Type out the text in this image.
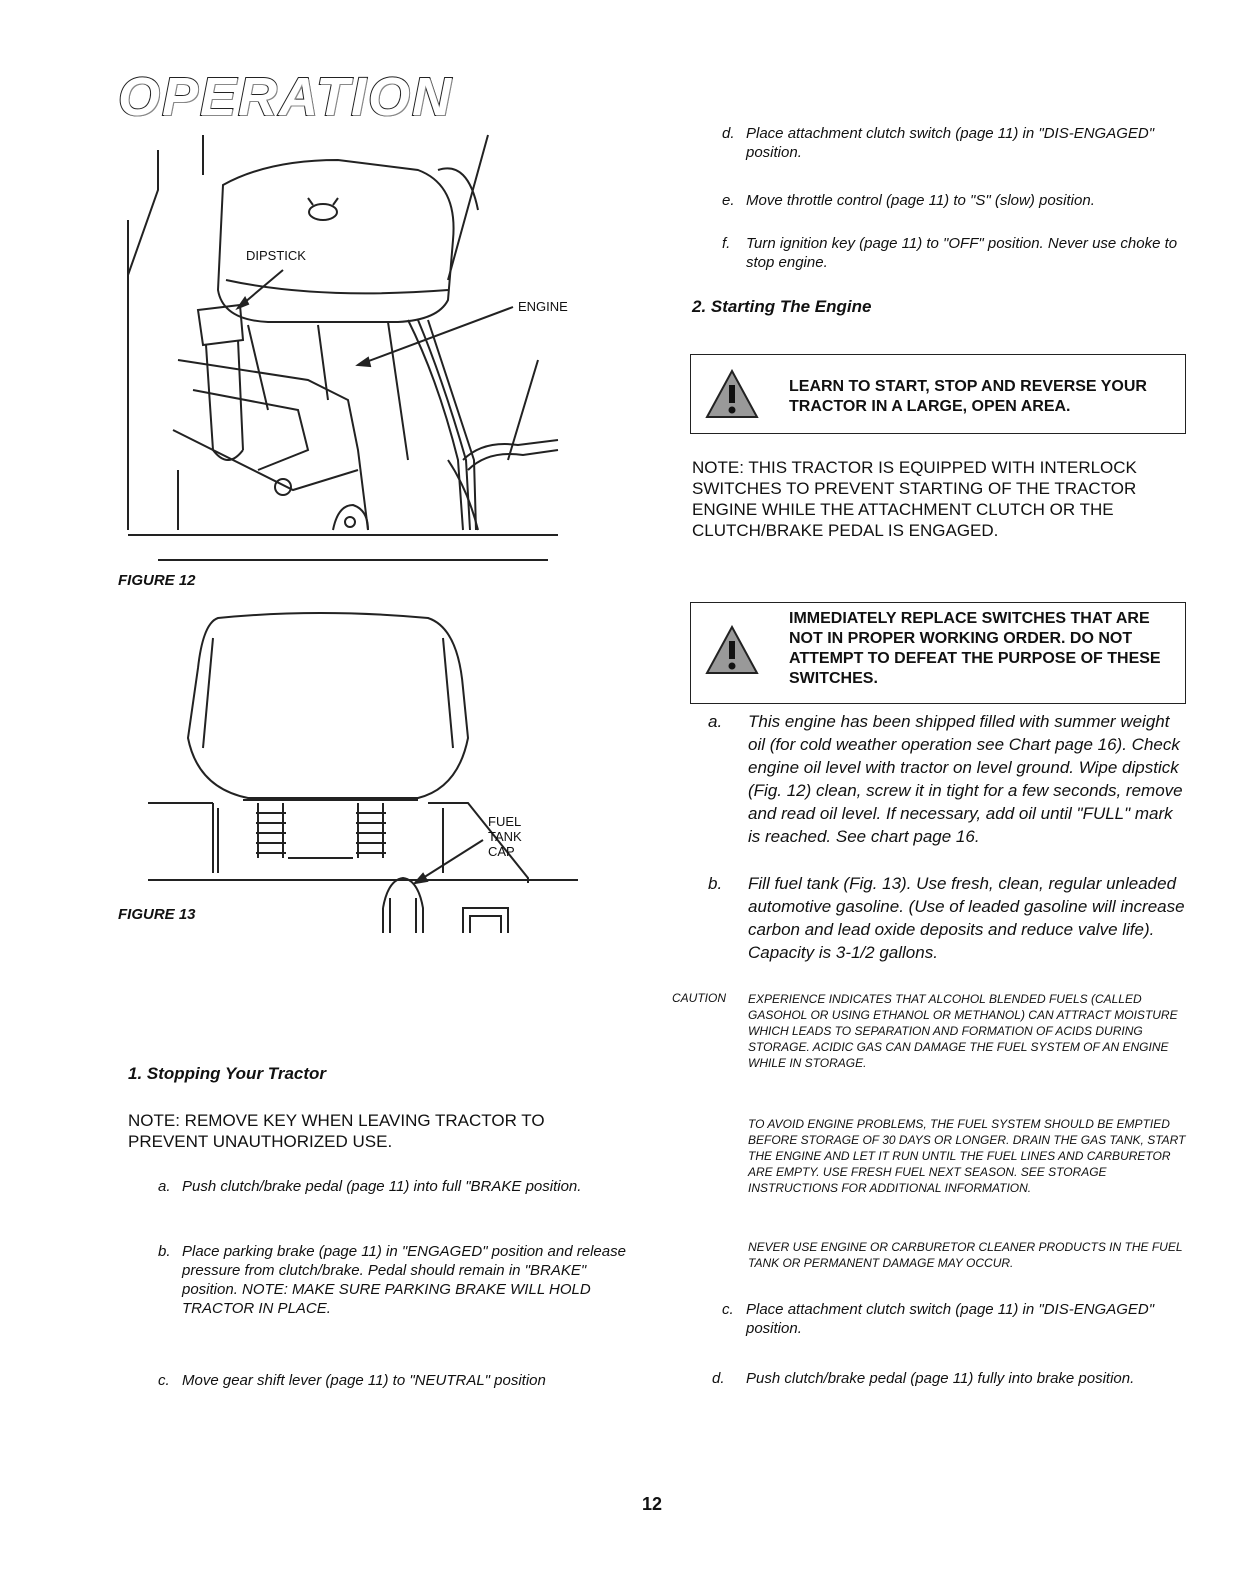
OPERATION
DIPSTICK
ENGINE
FIGURE 12
FUEL
TANK
CAP
FIGURE 13
1. Stopping Your Tractor
NOTE: REMOVE KEY WHEN LEAVING TRACTOR TO PREVENT UNAUTHORIZED USE.
a. Push clutch/brake pedal (page 11) into full "BRAKE position.
b. Place parking brake (page 11) in "ENGAGED" position and release pressure from clutch/brake. Pedal should remain in "BRAKE" position. NOTE: MAKE SURE PARKING BRAKE WILL HOLD TRACTOR IN PLACE.
c. Move gear shift lever (page 11) to "NEUTRAL" position
d. Place attachment clutch switch (page 11) in "DIS-ENGAGED" position.
e. Move throttle control (page 11) to "S" (slow) position.
f. Turn ignition key (page 11) to "OFF" position. Never use choke to stop engine.
2. Starting The Engine
LEARN TO START, STOP AND REVERSE YOUR TRACTOR IN A LARGE, OPEN AREA.
NOTE: THIS TRACTOR IS EQUIPPED WITH INTERLOCK SWITCHES TO PREVENT STARTING OF THE TRACTOR ENGINE WHILE THE ATTACHMENT CLUTCH OR THE CLUTCH/BRAKE PEDAL IS ENGAGED.
IMMEDIATELY REPLACE SWITCHES THAT ARE NOT IN PROPER WORKING ORDER. DO NOT ATTEMPT TO DEFEAT THE PURPOSE OF THESE SWITCHES.
a. This engine has been shipped filled with summer weight oil (for cold weather operation see Chart page 16). Check engine oil level with tractor on level ground. Wipe dipstick (Fig. 12) clean, screw it in tight for a few seconds, remove and read oil level. If necessary, add oil until "FULL" mark is reached. See chart page 16.
b. Fill fuel tank (Fig. 13). Use fresh, clean, regular unleaded automotive gasoline. (Use of leaded gasoline will increase carbon and lead oxide deposits and reduce valve life). Capacity is 3-1/2 gallons.
CAUTION EXPERIENCE INDICATES THAT ALCOHOL BLENDED FUELS (CALLED GASOHOL OR USING ETHANOL OR METHANOL) CAN ATTRACT MOISTURE WHICH LEADS TO SEPARATION AND FORMATION OF ACIDS DURING STORAGE. ACIDIC GAS CAN DAMAGE THE FUEL SYSTEM OF AN ENGINE WHILE IN STORAGE.
TO AVOID ENGINE PROBLEMS, THE FUEL SYSTEM SHOULD BE EMPTIED BEFORE STORAGE OF 30 DAYS OR LONGER. DRAIN THE GAS TANK, START THE ENGINE AND LET IT RUN UNTIL THE FUEL LINES AND CARBURETOR ARE EMPTY. USE FRESH FUEL NEXT SEASON. SEE STORAGE INSTRUCTIONS FOR ADDITIONAL INFORMATION.
NEVER USE ENGINE OR CARBURETOR CLEANER PRODUCTS IN THE FUEL TANK OR PERMANENT DAMAGE MAY OCCUR.
c. Place attachment clutch switch (page 11) in "DIS-ENGAGED" position.
d. Push clutch/brake pedal (page 11) fully into brake position.
12
